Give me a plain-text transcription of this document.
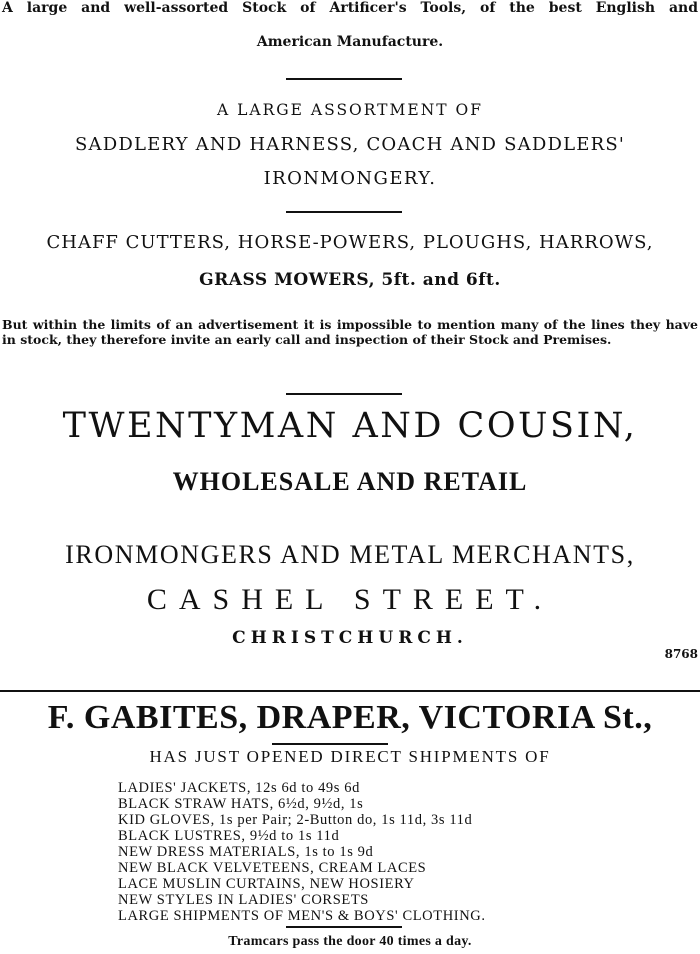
A large and well-assorted Stock of Artificer's Tools, of the best English and
American Manufacture.
A LARGE ASSORTMENT OF
SADDLERY AND HARNESS, COACH AND SADDLERS'
IRONMONGERY.
CHAFF CUTTERS, HORSE-POWERS, PLOUGHS, HARROWS,
GRASS MOWERS, 5ft. and 6ft.
But within the limits of an advertisement it is impossible to mention many of the lines they have in stock, they therefore invite an early call and inspection of their Stock and Premises.
TWENTYMAN AND COUSIN,
WHOLESALE AND RETAIL
IRONMONGERS AND METAL MERCHANTS,
CASHEL STREET.
CHRISTCHURCH.
8768
F. GABITES, DRAPER, VICTORIA St.,
HAS JUST OPENED DIRECT SHIPMENTS OF
LADIES' JACKETS, 12s 6d to 49s 6d
BLACK STRAW HATS, 6½d, 9½d, 1s
KID GLOVES, 1s per Pair; 2-Button do, 1s 11d, 3s 11d
BLACK LUSTRES, 9½d to 1s 11d
NEW DRESS MATERIALS, 1s to 1s 9d
NEW BLACK VELVETEENS, CREAM LACES
LACE MUSLIN CURTAINS, NEW HOSIERY
NEW STYLES IN LADIES' CORSETS
LARGE SHIPMENTS OF MEN'S & BOYS' CLOTHING.
Tramcars pass the door 40 times a day.
